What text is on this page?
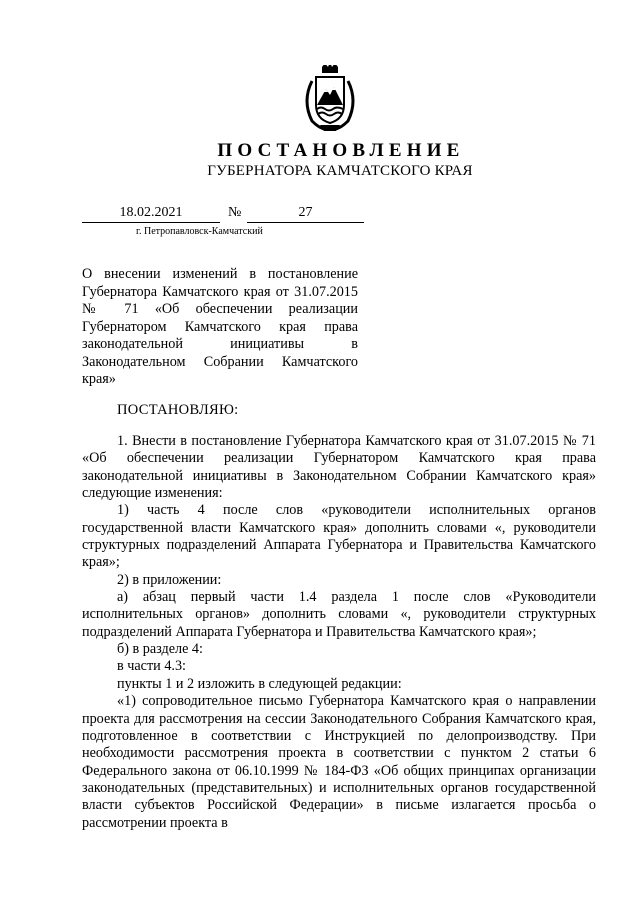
ПОСТАНОВЛЕНИЕ
ГУБЕРНАТОРА КАМЧАТСКОГО КРАЯ
18.02.2021	№	27
г. Петропавловск-Камчатский
О внесении изменений в постановление Губернатора Камчатского края от 31.07.2015 № 71 «Об обеспечении реализации Губернатором Камчатского края права законодательной инициативы в Законодательном Собрании Камчатского края»
ПОСТАНОВЛЯЮ:

1. Внести в постановление Губернатора Камчатского края от 31.07.2015 № 71 «Об обеспечении реализации Губернатором Камчатского края права законодательной инициативы в Законодательном Собрании Камчатского края» следующие изменения:

1) часть 4 после слов «руководители исполнительных органов государственной власти Камчатского края» дополнить словами «, руководители структурных подразделений Аппарата Губернатора и Правительства Камчатского края»;

2) в приложении:

а) абзац первый части 1.4 раздела 1 после слов «Руководители исполнительных органов» дополнить словами «, руководители структурных подразделений Аппарата Губернатора и Правительства Камчатского края»;

б) в разделе 4:

в части 4.3:

пункты 1 и 2 изложить в следующей редакции:

«1) сопроводительное письмо Губернатора Камчатского края о направлении проекта для рассмотрения на сессии Законодательного Собрания Камчатского края, подготовленное в соответствии с Инструкцией по делопроизводству. При необходимости рассмотрения проекта в соответствии с пунктом 2 статьи 6 Федерального закона от 06.10.1999 № 184-ФЗ «Об общих принципах организации законодательных (представительных) и исполнительных органов государственной власти субъектов Российской Федерации» в письме излагается просьба о рассмотрении проекта в
